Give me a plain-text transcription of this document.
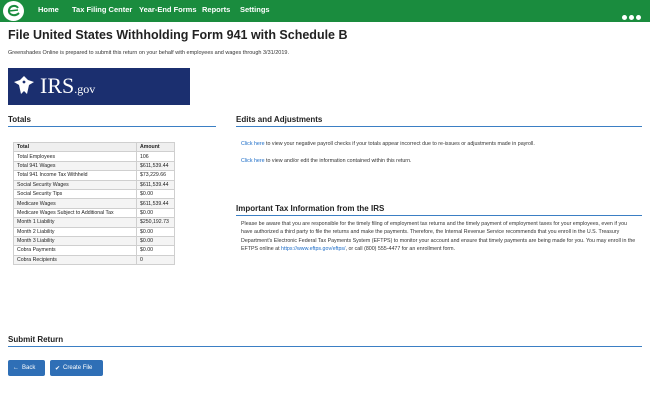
Home Tax Filing Center Year-End Forms Reports Settings
File United States Withholding Form 941 with Schedule B
Greenshades Online is prepared to submit this return on your behalf with employees and wages through 3/31/2019.
IRS.gov
Totals
Total	Amount
Total Employees	106
Total 941 Wages	$611,539.44
Total 941 Income Tax Withheld	$73,229.66
Social Security Wages	$611,539.44
Social Security Tips	$0.00
Medicare Wages	$611,539.44
Medicare Wages Subject to Additional Tax	$0.00
Month 1 Liability	$250,192.73
Month 2 Liability	$0.00
Month 3 Liability	$0.00
Cobra Payments	$0.00
Cobra Recipients	0
Edits and Adjustments
Click here to view your negative payroll checks if your totals appear incorrect due to re-issues or adjustments made in payroll.
Click here to view and/or edit the information contained within this return.
Important Tax Information from the IRS
Please be aware that you are responsible for the timely filing of employment tax returns and the timely payment of employment taxes for your employees, even if you have authorized a third party to file the returns and make the payments. Therefore, the Internal Revenue Service recommends that you enroll in the U.S. Treasury Department's Electronic Federal Tax Payments System (EFTPS) to monitor your account and ensure that timely payments are being made for you. You may enroll in the EFTPS online at https://www.eftps.gov/eftps/, or call (800) 555-4477 for an enrollment form.
Submit Return
← Back	✔ Create File
